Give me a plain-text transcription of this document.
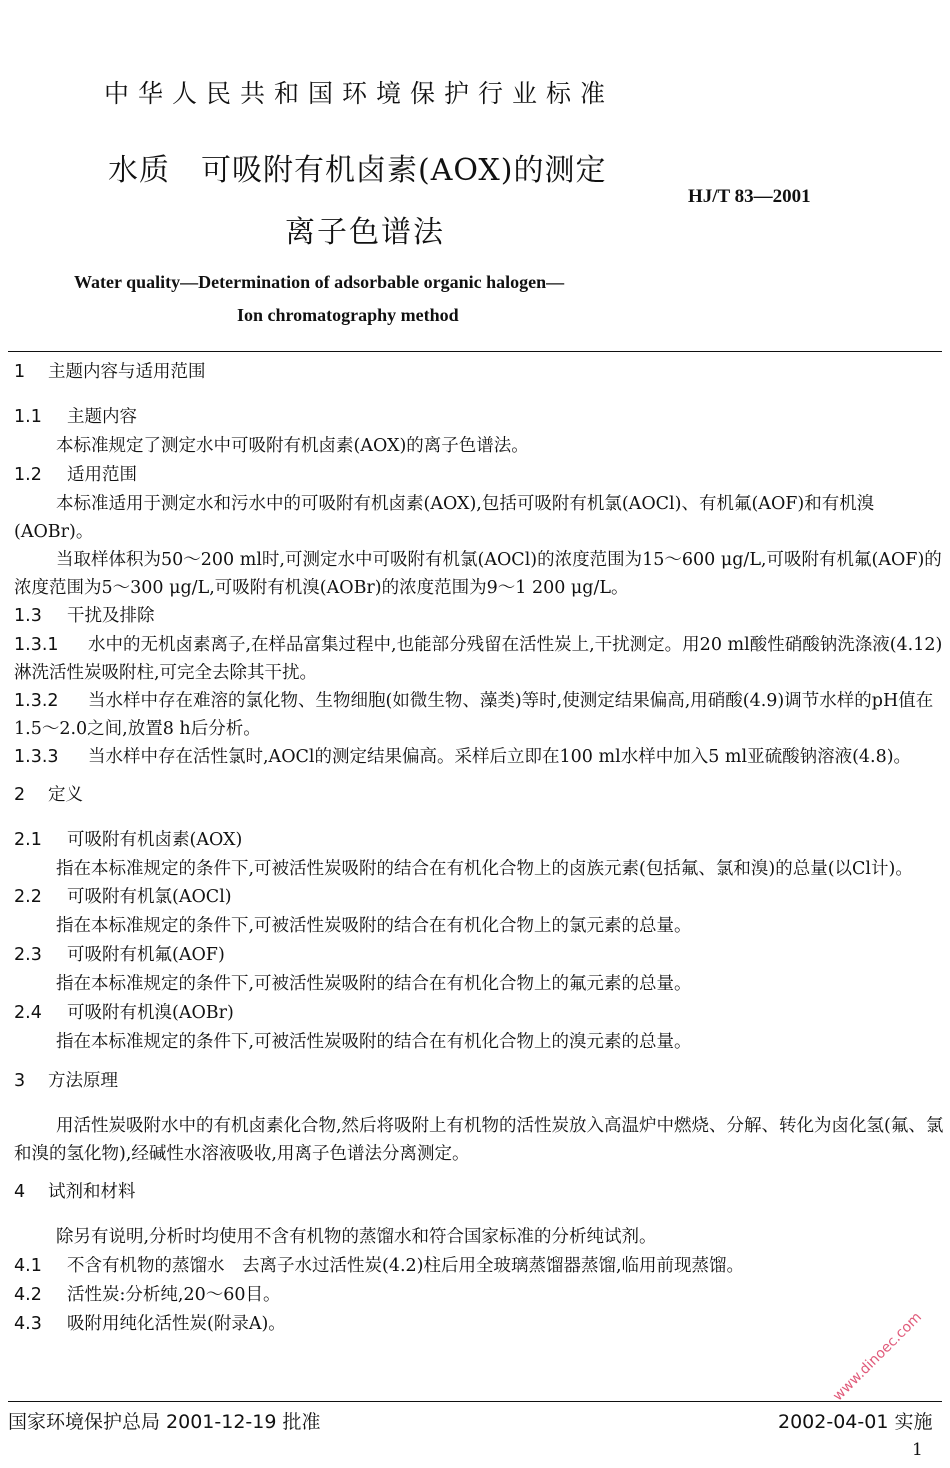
中华人民共和国环境保护行业标准
水质　可吸附有机卤素(AOX)的测定
离子色谱法
HJ/T 83—2001
Water quality—Determination of adsorbable organic halogen—
Ion chromatography method
1 主题内容与适用范围
1.1 主题内容
本标准规定了测定水中可吸附有机卤素(AOX)的离子色谱法。
1.2 适用范围
本标准适用于测定水和污水中的可吸附有机卤素(AOX),包括可吸附有机氯(AOCl)、有机氟(AOF)和有机溴(AOBr)。
当取样体积为50～200 ml时,可测定水中可吸附有机氯(AOCl)的浓度范围为15～600 μg/L,可吸附有机氟(AOF)的浓度范围为5～300 μg/L,可吸附有机溴(AOBr)的浓度范围为9～1 200 μg/L。
1.3 干扰及排除
1.3.1 水中的无机卤素离子,在样品富集过程中,也能部分残留在活性炭上,干扰测定。用20 ml酸性硝酸钠洗涤液(4.12)淋洗活性炭吸附柱,可完全去除其干扰。
1.3.2 当水样中存在难溶的氯化物、生物细胞(如微生物、藻类)等时,使测定结果偏高,用硝酸(4.9)调节水样的pH值在1.5～2.0之间,放置8 h后分析。
1.3.3 当水样中存在活性氯时,AOCl的测定结果偏高。采样后立即在100 ml水样中加入5 ml亚硫酸钠溶液(4.8)。
2 定义
2.1 可吸附有机卤素(AOX)
指在本标准规定的条件下,可被活性炭吸附的结合在有机化合物上的卤族元素(包括氟、氯和溴)的总量(以Cl计)。
2.2 可吸附有机氯(AOCl)
指在本标准规定的条件下,可被活性炭吸附的结合在有机化合物上的氯元素的总量。
2.3 可吸附有机氟(AOF)
指在本标准规定的条件下,可被活性炭吸附的结合在有机化合物上的氟元素的总量。
2.4 可吸附有机溴(AOBr)
指在本标准规定的条件下,可被活性炭吸附的结合在有机化合物上的溴元素的总量。
3 方法原理
用活性炭吸附水中的有机卤素化合物,然后将吸附上有机物的活性炭放入高温炉中燃烧、分解、转化为卤化氢(氟、氯和溴的氢化物),经碱性水溶液吸收,用离子色谱法分离测定。
4 试剂和材料
除另有说明,分析时均使用不含有机物的蒸馏水和符合国家标准的分析纯试剂。
4.1 不含有机物的蒸馏水　去离子水过活性炭(4.2)柱后用全玻璃蒸馏器蒸馏,临用前现蒸馏。
4.2 活性炭:分析纯,20～60目。
4.3 吸附用纯化活性炭(附录A)。
国家环境保护总局 2001-12-19 批准	2002-04-01 实施
1
www.dinoec.com
